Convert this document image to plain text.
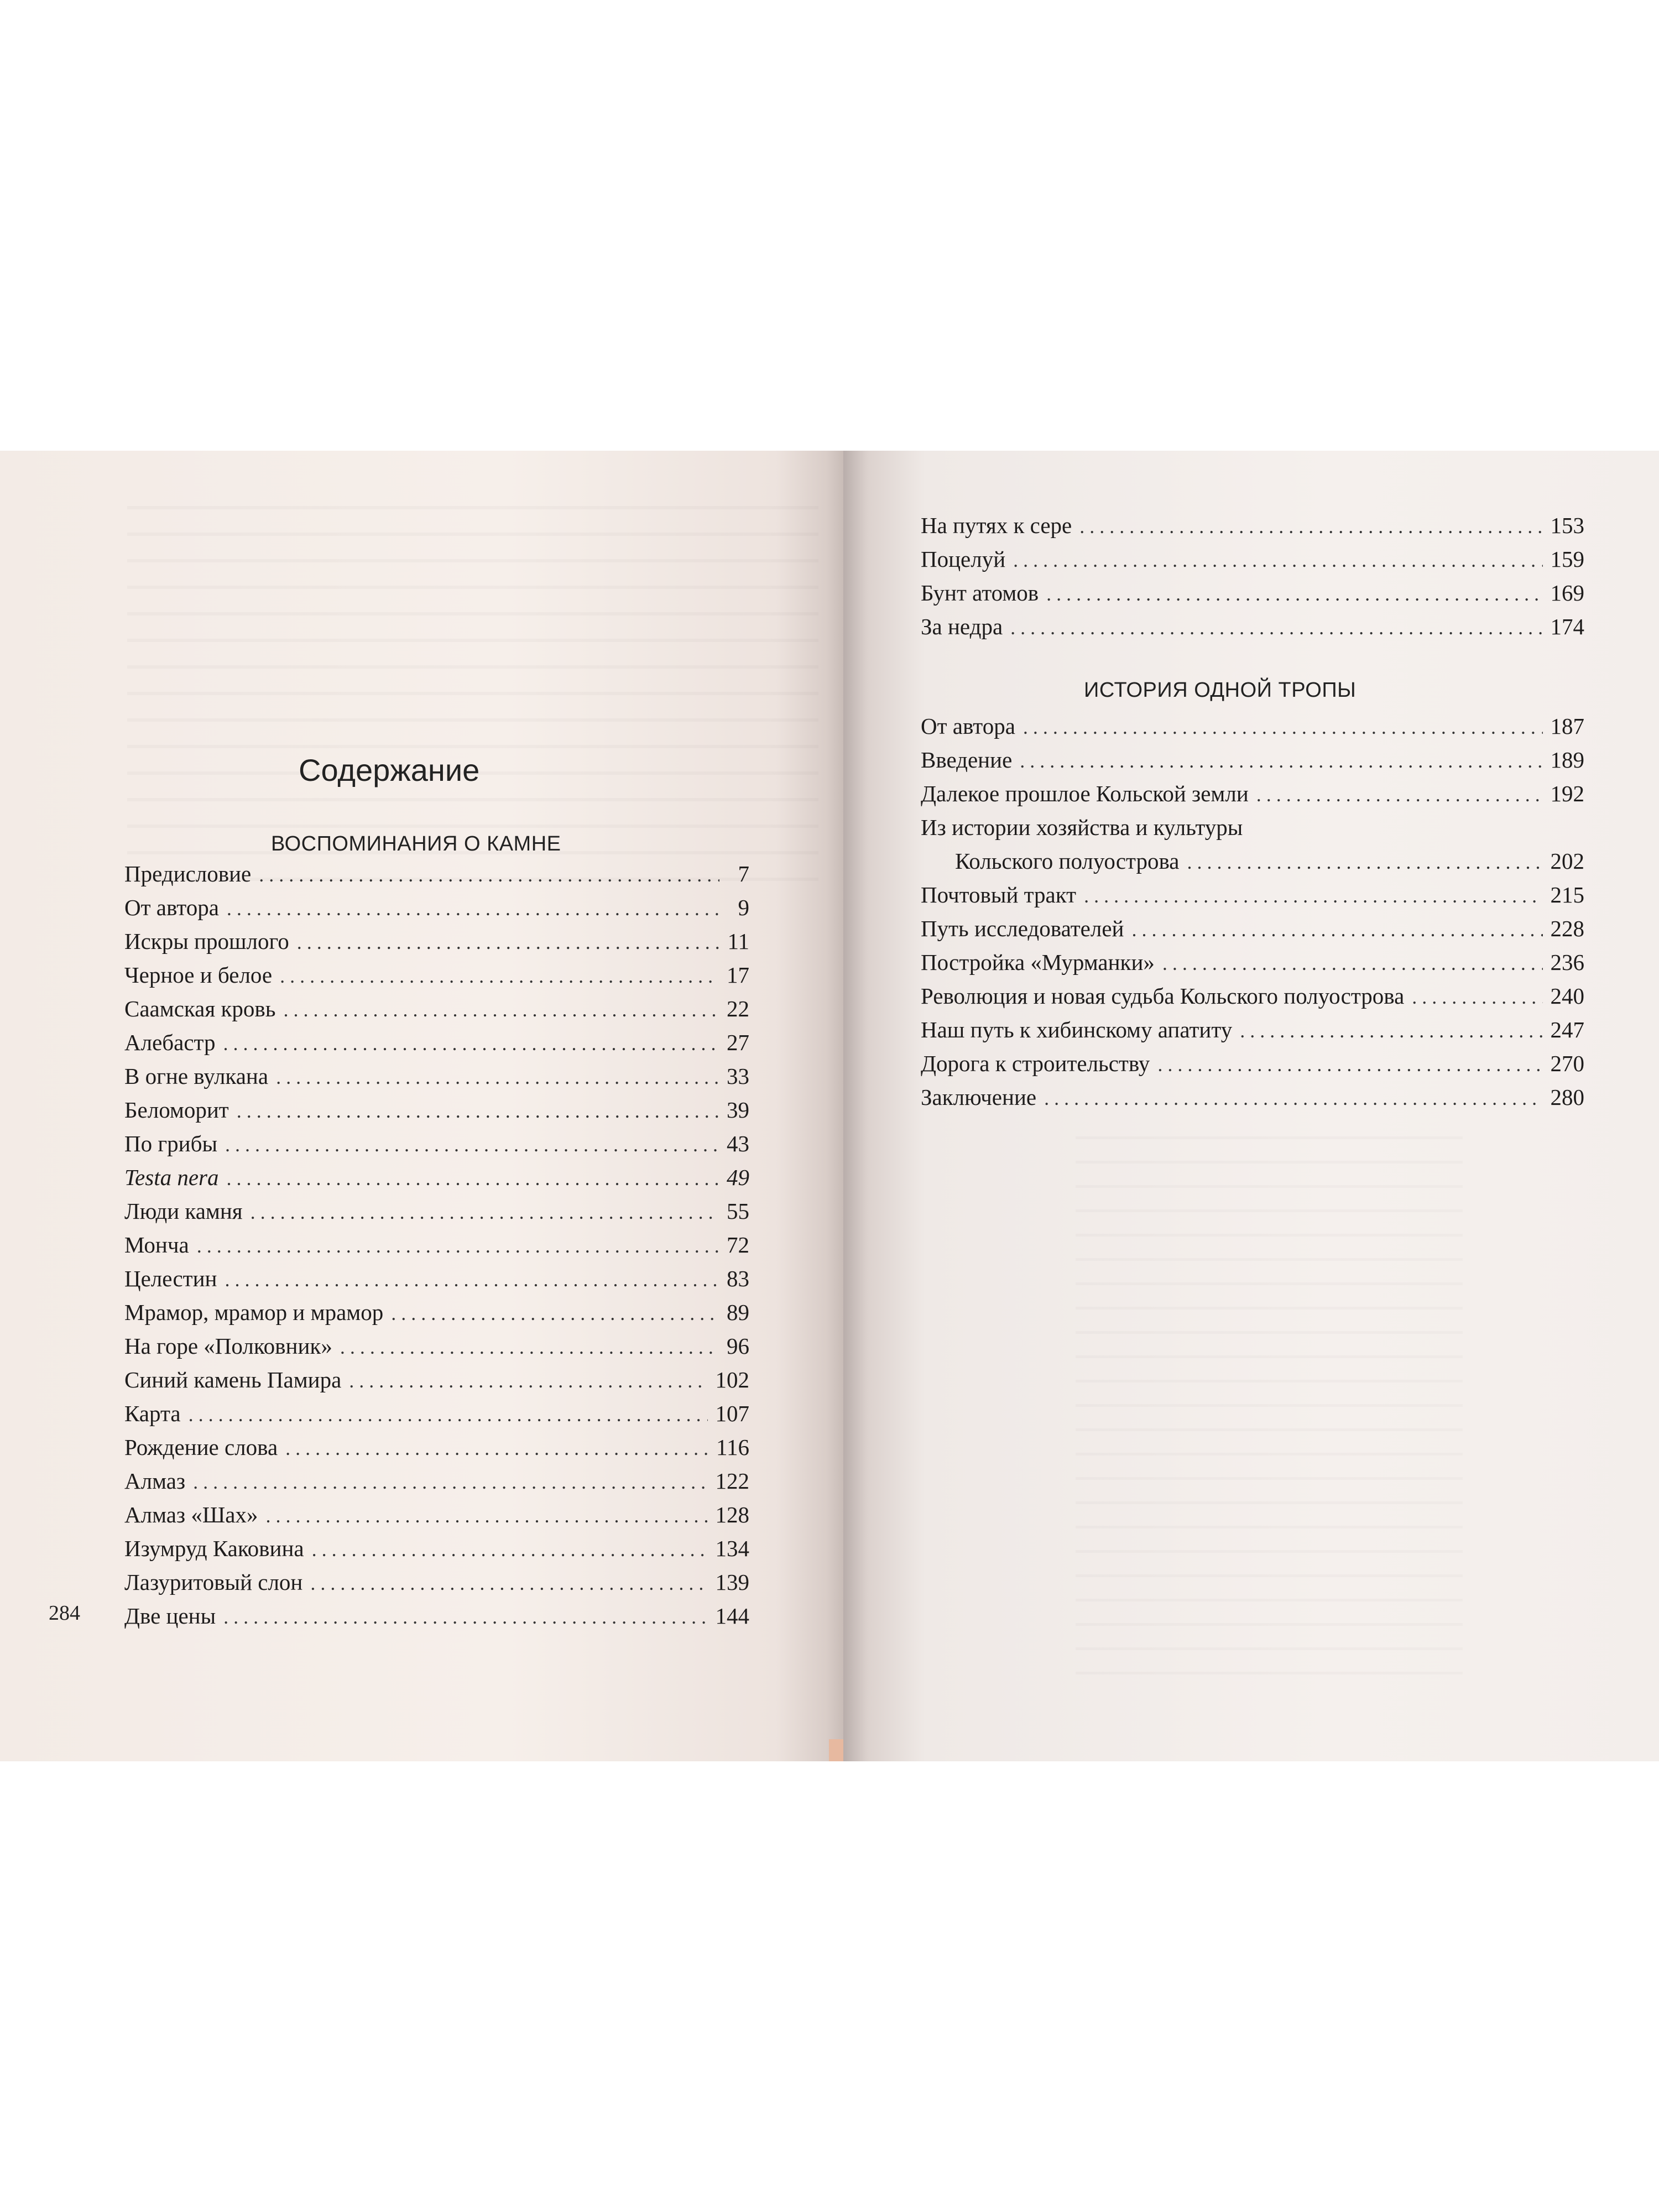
Содержание
ВОСПОМИНАНИЯ О КАМНЕ
Предисловие . . .	7
От автора . . .	9
Искры прошлого . . .	11
Черное и белое . . .	17
Саамская кровь . . .	22
Алебастр . . .	27
В огне вулкана . . .	33
Беломорит . . .	39
По грибы . . .	43
Testa nera . . .	49
Люди камня . . .	55
Монча . . .	72
Целестин . . .	83
Мрамор, мрамор и мрамор . . .	89
На горе «Полковник» . . .	96
Синий камень Памира . . .	102
Карта . . .	107
Рождение слова . . .	116
Алмаз . . .	122
Алмаз «Шах» . . .	128
Изумруд Каковина . . .	134
Лазуритовый слон . . .	139
Две цены . . .	144
284
На путях к сере . . .	153
Поцелуй . . .	159
Бунт атомов . . .	169
За недра . . .	174
ИСТОРИЯ ОДНОЙ ТРОПЫ
От автора . . .	187
Введение . . .	189
Далекое прошлое Кольской земли . . .	192
Из истории хозяйства и культуры
Кольского полуострова . . .	202
Почтовый тракт . . .	215
Путь исследователей . . .	228
Постройка «Мурманки» . . .	236
Революция и новая судьба Кольского полуострова . . .	240
Наш путь к хибинскому апатиту . . .	247
Дорога к строительству . . .	270
Заключение . . .	280
